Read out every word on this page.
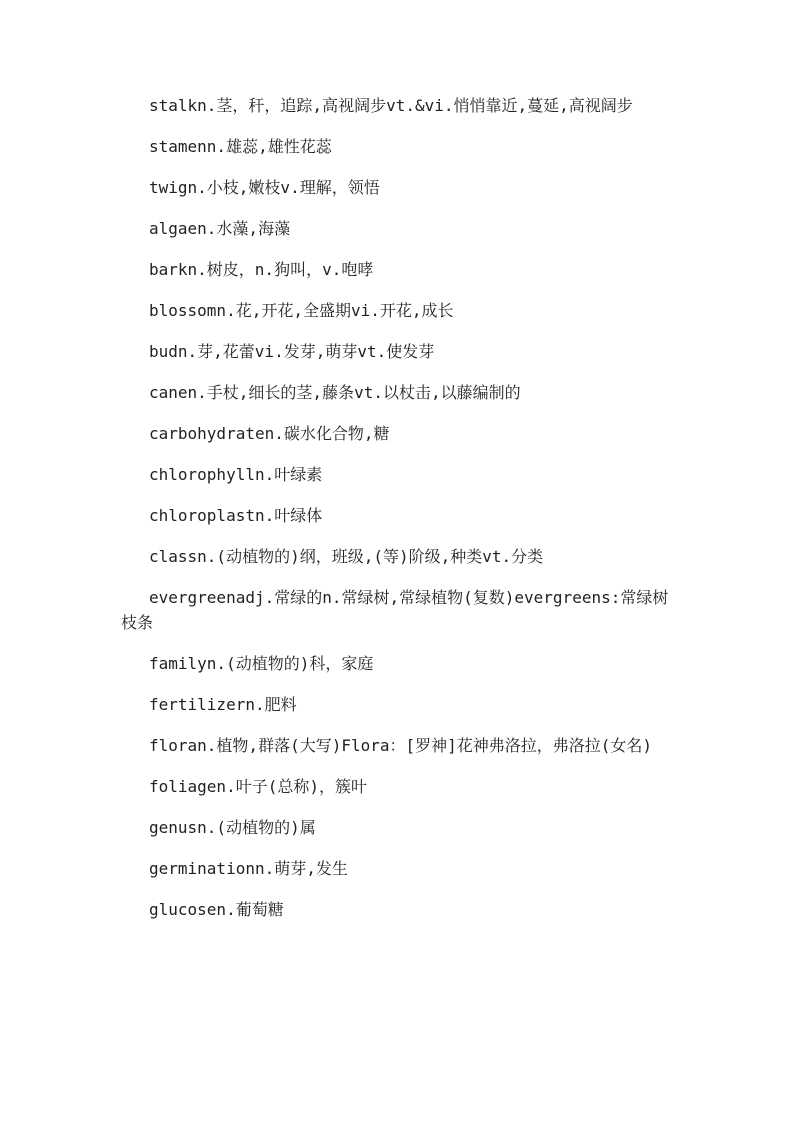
stalkn.茎，秆，追踪,高视阔步vt.&vi.悄悄靠近,蔓延,高视阔步

stamenn.雄蕊,雄性花蕊

twign.小枝,嫩枝v.理解，领悟

algaen.水藻,海藻

barkn.树皮，n.狗叫，v.咆哮

blossomn.花,开花,全盛期vi.开花,成长

budn.芽,花蕾vi.发芽,萌芽vt.使发芽

canen.手杖,细长的茎,藤条vt.以杖击,以藤编制的

carbohydraten.碳水化合物,糖

chlorophylln.叶绿素

chloroplastn.叶绿体

classn.(动植物的)纲，班级,(等)阶级,种类vt.分类

evergreenadj.常绿的n.常绿树,常绿植物(复数)evergreens:常绿树枝条

familyn.(动植物的)科，家庭

fertilizern.肥料

floran.植物,群落(大写)Flora：[罗神]花神弗洛拉，弗洛拉(女名)

foliagen.叶子(总称)，簇叶

genusn.(动植物的)属

germinationn.萌芽,发生

glucosen.葡萄糖
